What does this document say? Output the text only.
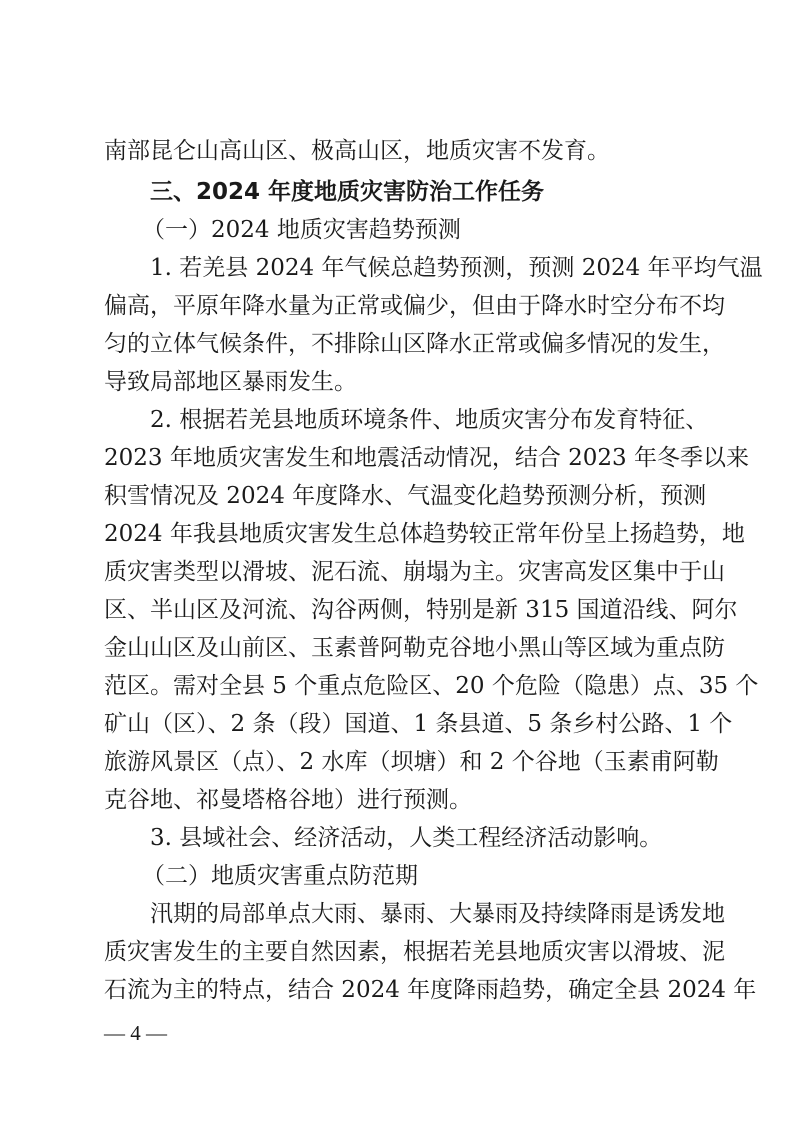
南部昆仑山高山区、极高山区，地质灾害不发育。
三、2024 年度地质灾害防治工作任务
（一）2024 地质灾害趋势预测
1. 若羌县 2024 年气候总趋势预测，预测 2024 年平均气温
偏高，平原年降水量为正常或偏少，但由于降水时空分布不均
匀的立体气候条件，不排除山区降水正常或偏多情况的发生，
导致局部地区暴雨发生。
2. 根据若羌县地质环境条件、地质灾害分布发育特征、
2023 年地质灾害发生和地震活动情况，结合 2023 年冬季以来
积雪情况及 2024 年度降水、气温变化趋势预测分析，预测
2024 年我县地质灾害发生总体趋势较正常年份呈上扬趋势，地
质灾害类型以滑坡、泥石流、崩塌为主。灾害高发区集中于山
区、半山区及河流、沟谷两侧，特别是新 315 国道沿线、阿尔
金山山区及山前区、玉素普阿勒克谷地小黑山等区域为重点防
范区。需对全县 5 个重点危险区、20 个危险（隐患）点、35 个
矿山（区）、2 条（段）国道、1 条县道、5 条乡村公路、1 个
旅游风景区（点）、2 水库（坝塘）和 2 个谷地（玉素甫阿勒
克谷地、祁曼塔格谷地）进行预测。
3. 县域社会、经济活动，人类工程经济活动影响。
（二）地质灾害重点防范期
汛期的局部单点大雨、暴雨、大暴雨及持续降雨是诱发地
质灾害发生的主要自然因素，根据若羌县地质灾害以滑坡、泥
石流为主的特点，结合 2024 年度降雨趋势，确定全县 2024 年
— 4 —
